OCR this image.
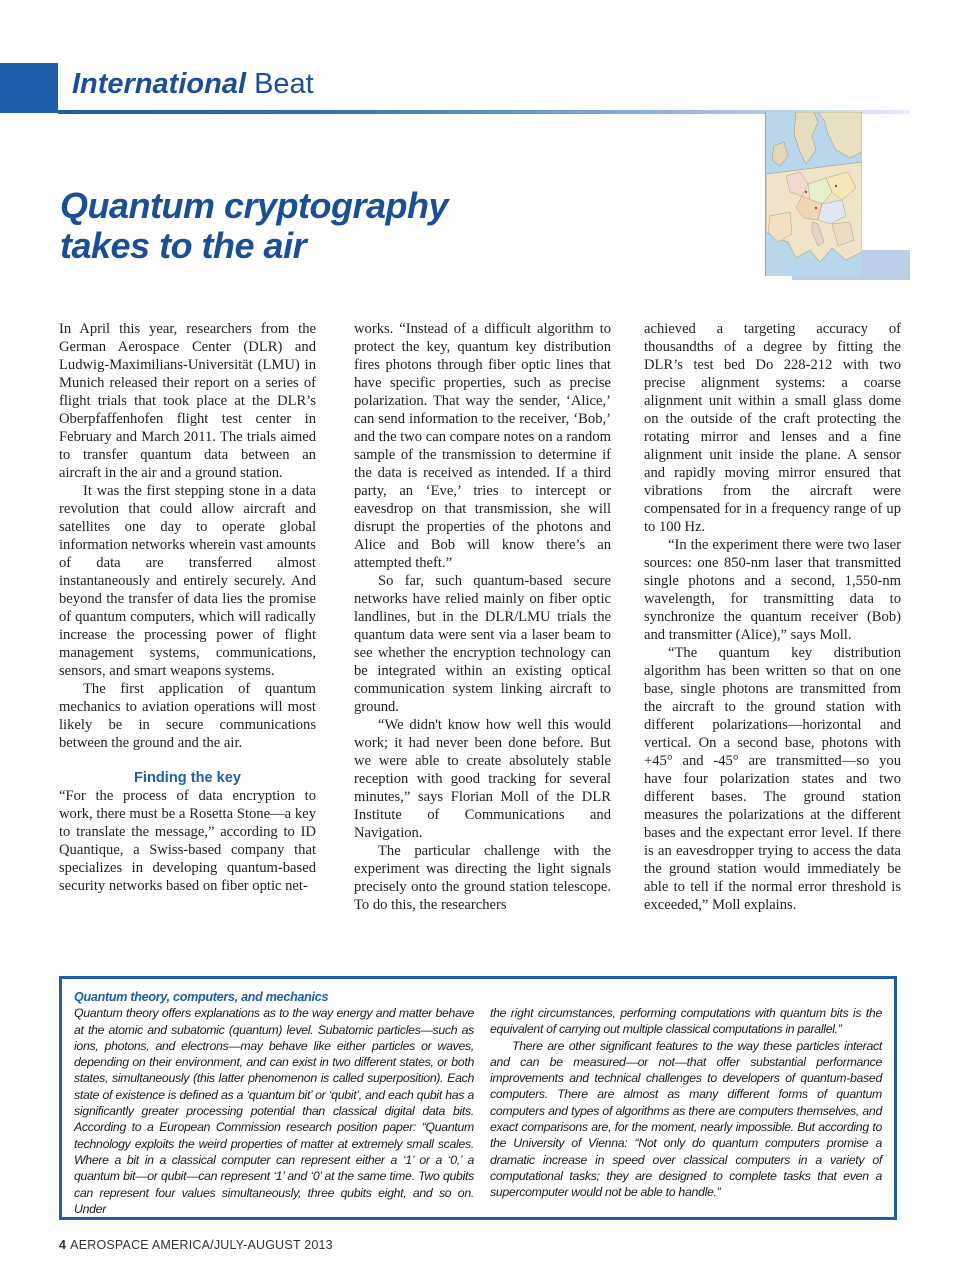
International Beat
Quantum cryptography
takes to the air

In April this year, researchers from the German Aerospace Center (DLR) and Ludwig-Maximilians-Universität (LMU) in Munich released their report on a series of flight trials that took place at the DLR’s Oberpfaffenhofen flight test center in February and March 2011. The trials aimed to transfer quantum data between an aircraft in the air and a ground station.

It was the first stepping stone in a data revolution that could allow aircraft and satellites one day to operate global information networks wherein vast amounts of data are transferred almost instantaneously and entirely securely. And beyond the transfer of data lies the promise of quantum computers, which will radically increase the processing power of flight management systems, communications, sensors, and smart weapons systems.

The first application of quantum mechanics to aviation operations will most likely be in secure communications between the ground and the air.

Finding the key

“For the process of data encryption to work, there must be a Rosetta Stone—a key to translate the message,” according to ID Quantique, a Swiss-based company that specializes in developing quantum-based security networks based on fiber optic net-

works. “Instead of a difficult algorithm to protect the key, quantum key distribution fires photons through fiber optic lines that have specific properties, such as precise polarization. That way the sender, ‘Alice,’ can send information to the receiver, ‘Bob,’ and the two can compare notes on a random sample of the transmission to determine if the data is received as intended. If a third party, an ‘Eve,’ tries to intercept or eavesdrop on that transmission, she will disrupt the properties of the photons and Alice and Bob will know there’s an attempted theft.”

So far, such quantum-based secure networks have relied mainly on fiber optic landlines, but in the DLR/LMU trials the quantum data were sent via a laser beam to see whether the encryption technology can be integrated within an existing optical communication system linking aircraft to ground.

“We didn't know how well this would work; it had never been done before. But we were able to create absolutely stable reception with good tracking for several minutes,” says Florian Moll of the DLR Institute of Communications and Navigation.

The particular challenge with the experiment was directing the light signals precisely onto the ground station telescope. To do this, the researchers

achieved a targeting accuracy of thousandths of a degree by fitting the DLR’s test bed Do 228-212 with two precise alignment systems: a coarse alignment unit within a small glass dome on the outside of the craft protecting the rotating mirror and lenses and a fine alignment unit inside the plane. A sensor and rapidly moving mirror ensured that vibrations from the aircraft were compensated for in a frequency range of up to 100 Hz.

“In the experiment there were two laser sources: one 850-nm laser that transmitted single photons and a second, 1,550-nm wavelength, for transmitting data to synchronize the quantum receiver (Bob) and transmitter (Alice),” says Moll.

“The quantum key distribution algorithm has been written so that on one base, single photons are transmitted from the aircraft to the ground station with different polarizations—horizontal and vertical. On a second base, photons with +45° and -45° are transmitted—so you have four polarization states and two different bases. The ground station measures the polarizations at the different bases and the expectant error level. If there is an eavesdropper trying to access the data the ground station would immediately be able to tell if the normal error threshold is exceeded,” Moll explains.

Quantum theory, computers, and mechanics

Quantum theory offers explanations as to the way energy and matter behave at the atomic and subatomic (quantum) level. Subatomic particles—such as ions, photons, and electrons—may behave like either particles or waves, depending on their environment, and can exist in two different states, or both states, simultaneously (this latter phenomenon is called superposition). Each state of existence is defined as a ‘quantum bit’ or ‘qubit’, and each qubit has a significantly greater processing potential than classical digital data bits. According to a European Commission research position paper: “Quantum technology exploits the weird properties of matter at extremely small scales. Where a bit in a classical computer can represent either a ‘1’ or a ‘0,’ a quantum bit—or qubit—can represent ‘1’ and ‘0’ at the same time. Two qubits can represent four values simultaneously, three qubits eight, and so on. Under

the right circumstances, performing computations with quantum bits is the equivalent of carrying out multiple classical computations in parallel.”

There are other significant features to the way these particles interact and can be measured—or not—that offer substantial performance improvements and technical challenges to developers of quantum-based computers. There are almost as many different forms of quantum computers and types of algorithms as there are computers themselves, and exact comparisons are, for the moment, nearly impossible. But according to the University of Vienna: “Not only do quantum computers promise a dramatic increase in speed over classical computers in a variety of computational tasks; they are designed to complete tasks that even a supercomputer would not be able to handle.”

4 AEROSPACE AMERICA/JULY-AUGUST 2013
